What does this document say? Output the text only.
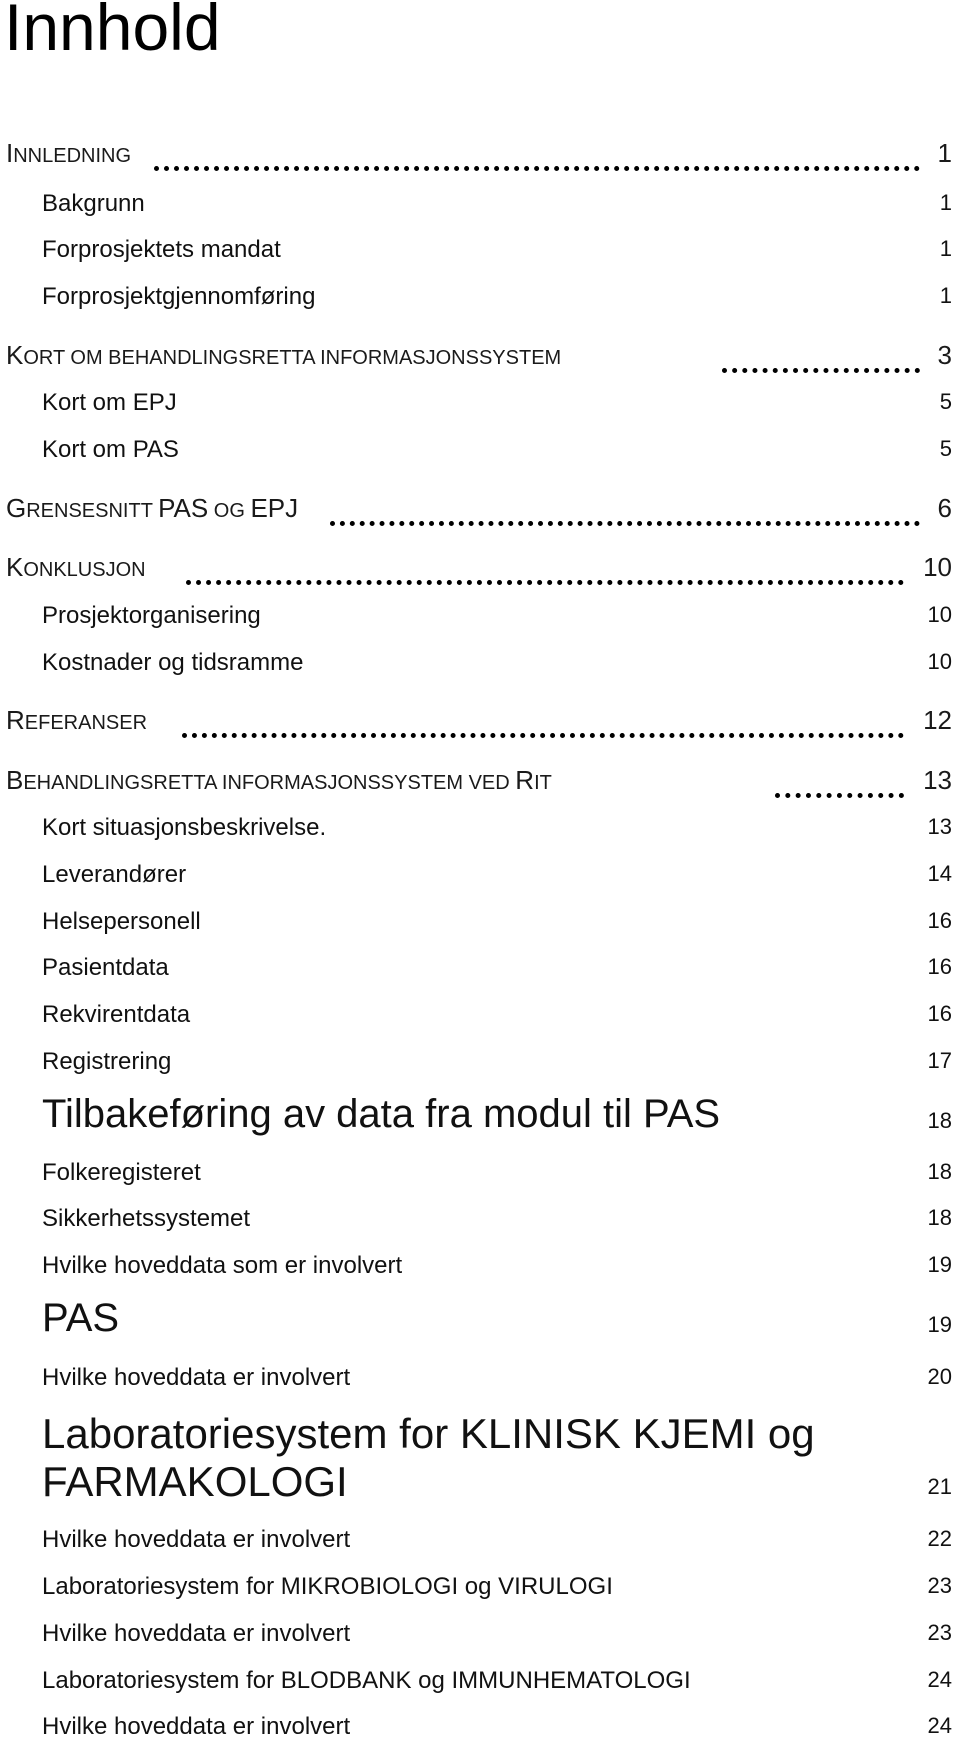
Innhold
INNLEDNING	1
Bakgrunn	1
Forprosjektets mandat	1
Forprosjektgjennomføring	1
KORT OM BEHANDLINGSRETTA INFORMASJONSSYSTEM	3
Kort om EPJ	5
Kort om PAS	5
GRENSESNITT PAS OG EPJ	6
KONKLUSJON	10
Prosjektorganisering	10
Kostnader og tidsramme	10
REFERANSER	12
BEHANDLINGSRETTA INFORMASJONSSYSTEM VED RIT	13
Kort situasjonsbeskrivelse.	13
Leverandører	14
Helsepersonell	16
Pasientdata	16
Rekvirentdata	16
Registrering	17
Tilbakeføring av data fra modul til PAS	18
Folkeregisteret	18
Sikkerhetssystemet	18
Hvilke hoveddata som er involvert	19
PAS	19
Hvilke hoveddata er involvert	20
Laboratoriesystem for KLINISK KJEMI og FARMAKOLOGI	21
Hvilke hoveddata er involvert	22
Laboratoriesystem for MIKROBIOLOGI og VIRULOGI	23
Hvilke hoveddata er involvert	23
Laboratoriesystem for BLODBANK og IMMUNHEMATOLOGI	24
Hvilke hoveddata er involvert	24
